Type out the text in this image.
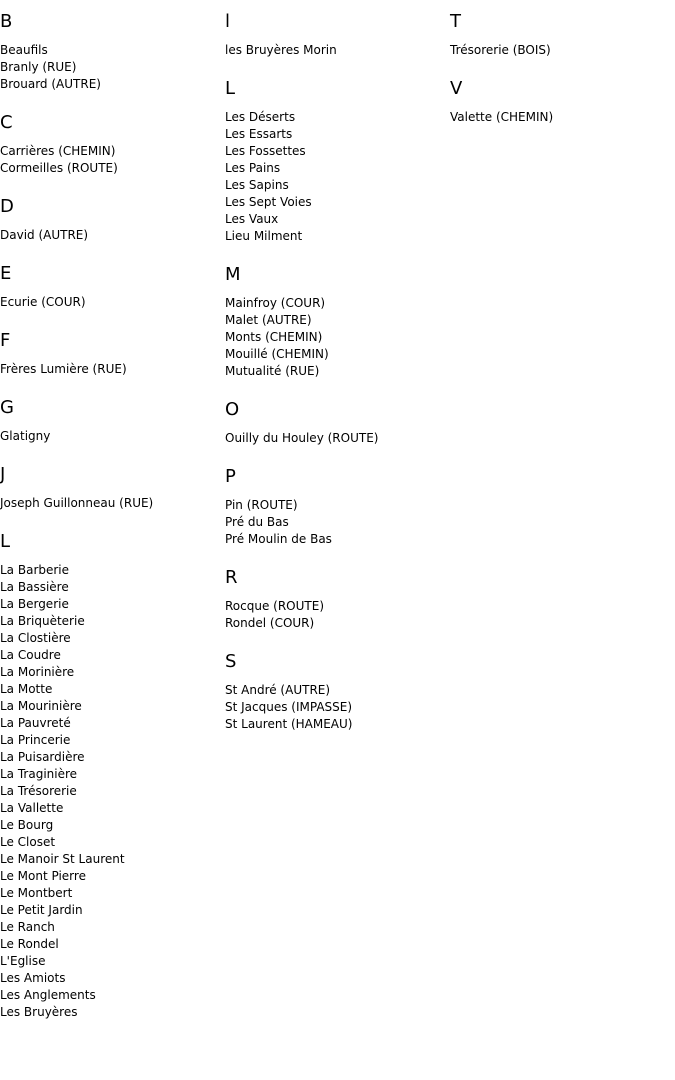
B
Beaufils
Branly (RUE)
Brouard (AUTRE)
C
Carrières (CHEMIN)
Cormeilles (ROUTE)
D
David (AUTRE)
E
Ecurie (COUR)
F
Frères Lumière (RUE)
G
Glatigny
J
Joseph Guillonneau (RUE)
L
La Barberie
La Bassière
La Bergerie
La Briquèterie
La Clostière
La Coudre
La Morinière
La Motte
La Mourinière
La Pauvreté
La Princerie
La Puisardière
La Traginière
La Trésorerie
La Vallette
Le Bourg
Le Closet
Le Manoir St Laurent
Le Mont Pierre
Le Montbert
Le Petit Jardin
Le Ranch
Le Rondel
L'Eglise
Les Amiots
Les Anglements
Les Bruyères
l
les Bruyères Morin
L
Les Déserts
Les Essarts
Les Fossettes
Les Pains
Les Sapins
Les Sept Voies
Les Vaux
Lieu Milment
M
Mainfroy (COUR)
Malet (AUTRE)
Monts (CHEMIN)
Mouillé (CHEMIN)
Mutualité (RUE)
O
Ouilly du Houley (ROUTE)
P
Pin (ROUTE)
Pré du Bas
Pré Moulin de Bas
R
Rocque (ROUTE)
Rondel (COUR)
S
St André (AUTRE)
St Jacques (IMPASSE)
St Laurent (HAMEAU)
T
Trésorerie (BOIS)
V
Valette (CHEMIN)
